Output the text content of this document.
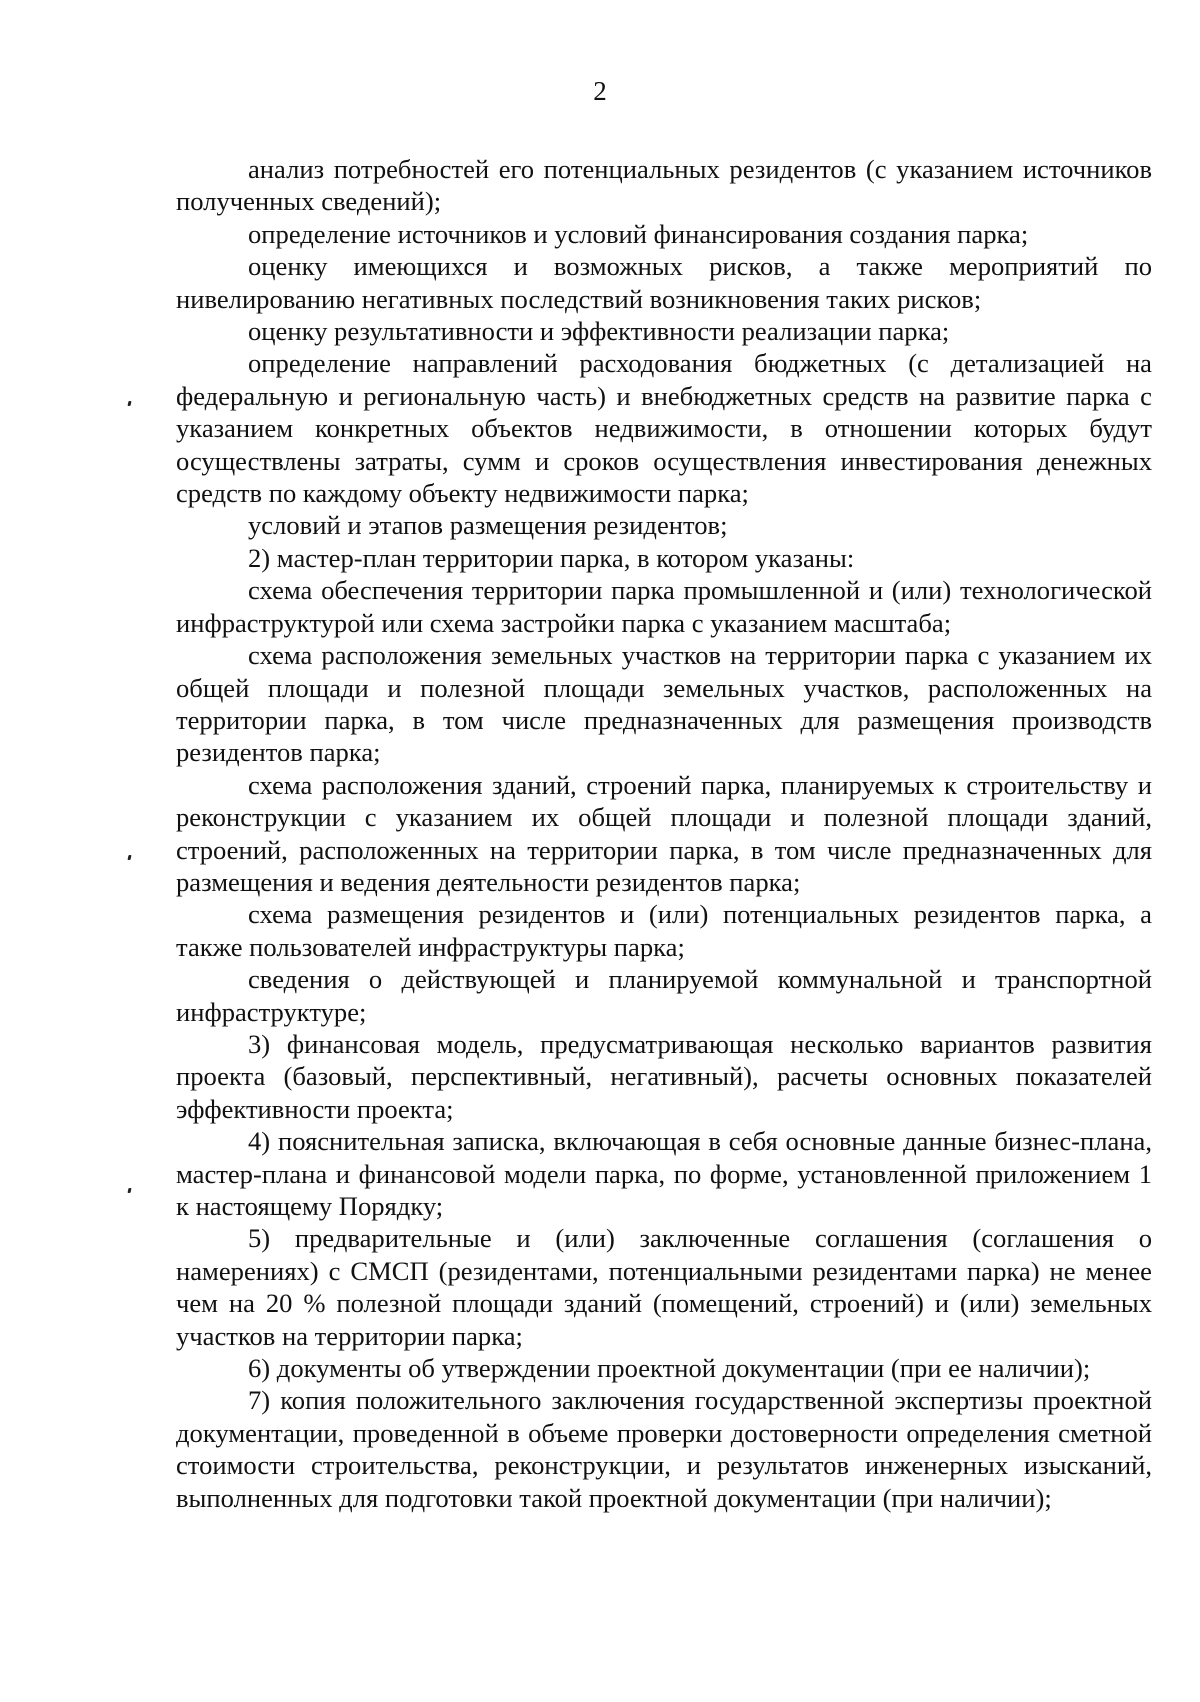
2

анализ потребностей его потенциальных резидентов (с указанием источников полученных сведений);

определение источников и условий финансирования создания парка;

оценку имеющихся и возможных рисков, а также мероприятий по нивелированию негативных последствий возникновения таких рисков;

оценку результативности и эффективности реализации парка;

определение направлений расходования бюджетных (с детализацией на федеральную и региональную часть) и внебюджетных средств на развитие парка с указанием конкретных объектов недвижимости, в отношении которых будут осуществлены затраты, сумм и сроков осуществления инвестирования денежных средств по каждому объекту недвижимости парка;

условий и этапов размещения резидентов;

2) мастер-план территории парка, в котором указаны:

схема обеспечения территории парка промышленной и (или) технологической инфраструктурой или схема застройки парка с указанием масштаба;

схема расположения земельных участков на территории парка с указанием их общей площади и полезной площади земельных участков, расположенных на территории парка, в том числе предназначенных для размещения производств резидентов парка;

схема расположения зданий, строений парка, планируемых к строительству и реконструкции с указанием их общей площади и полезной площади зданий, строений, расположенных на территории парка, в том числе предназначенных для размещения и ведения деятельности резидентов парка;

схема размещения резидентов и (или) потенциальных резидентов парка, а также пользователей инфраструктуры парка;

сведения о действующей и планируемой коммунальной и транспортной инфраструктуре;

3) финансовая модель, предусматривающая несколько вариантов развития проекта (базовый, перспективный, негативный), расчеты основных показателей эффективности проекта;

4) пояснительная записка, включающая в себя основные данные бизнес-плана, мастер-плана и финансовой модели парка, по форме, установленной приложением 1 к настоящему Порядку;

5) предварительные и (или) заключенные соглашения (соглашения о намерениях) с СМСП (резидентами, потенциальными резидентами парка) не менее чем на 20 % полезной площади зданий (помещений, строений) и (или) земельных участков на территории парка;

6) документы об утверждении проектной документации (при ее наличии);

7) копия положительного заключения государственной экспертизы проектной документации, проведенной в объеме проверки достоверности определения сметной стоимости строительства, реконструкции, и результатов инженерных изысканий, выполненных для подготовки такой проектной документации (при наличии);
